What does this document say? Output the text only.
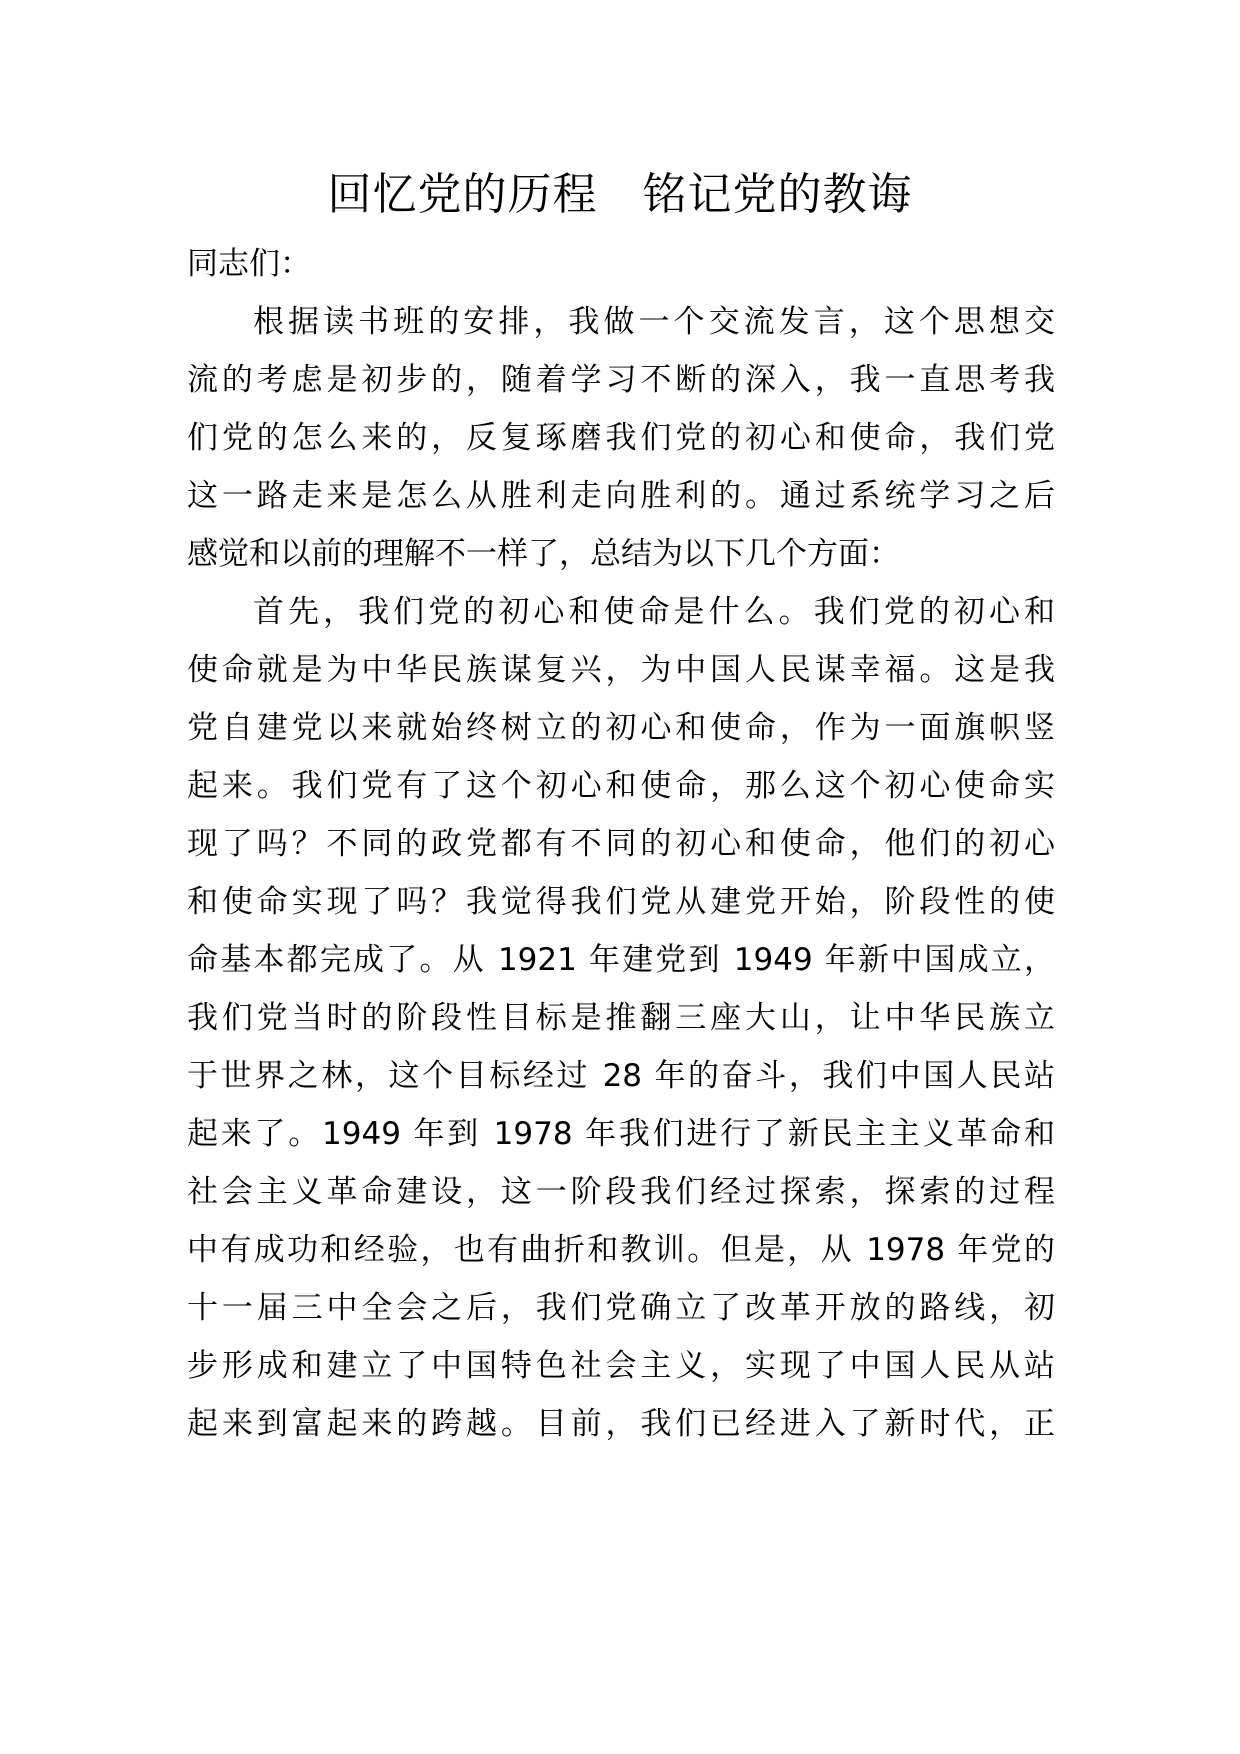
回忆党的历程　铭记党的教诲
同志们：
根据读书班的安排，我做一个交流发言，这个思想交
流的考虑是初步的，随着学习不断的深入，我一直思考我
们党的怎么来的，反复琢磨我们党的初心和使命，我们党
这一路走来是怎么从胜利走向胜利的。通过系统学习之后
感觉和以前的理解不一样了，总结为以下几个方面：
首先，我们党的初心和使命是什么。我们党的初心和
使命就是为中华民族谋复兴，为中国人民谋幸福。这是我
党自建党以来就始终树立的初心和使命，作为一面旗帜竖
起来。我们党有了这个初心和使命，那么这个初心使命实
现了吗？不同的政党都有不同的初心和使命，他们的初心
和使命实现了吗？我觉得我们党从建党开始，阶段性的使
命基本都完成了。从 1921 年建党到 1949 年新中国成立，
我们党当时的阶段性目标是推翻三座大山，让中华民族立
于世界之林，这个目标经过 28 年的奋斗，我们中国人民站
起来了。1949 年到 1978 年我们进行了新民主主义革命和
社会主义革命建设，这一阶段我们经过探索，探索的过程
中有成功和经验，也有曲折和教训。但是，从 1978 年党的
十一届三中全会之后，我们党确立了改革开放的路线，初
步形成和建立了中国特色社会主义，实现了中国人民从站
起来到富起来的跨越。目前，我们已经进入了新时代，正
